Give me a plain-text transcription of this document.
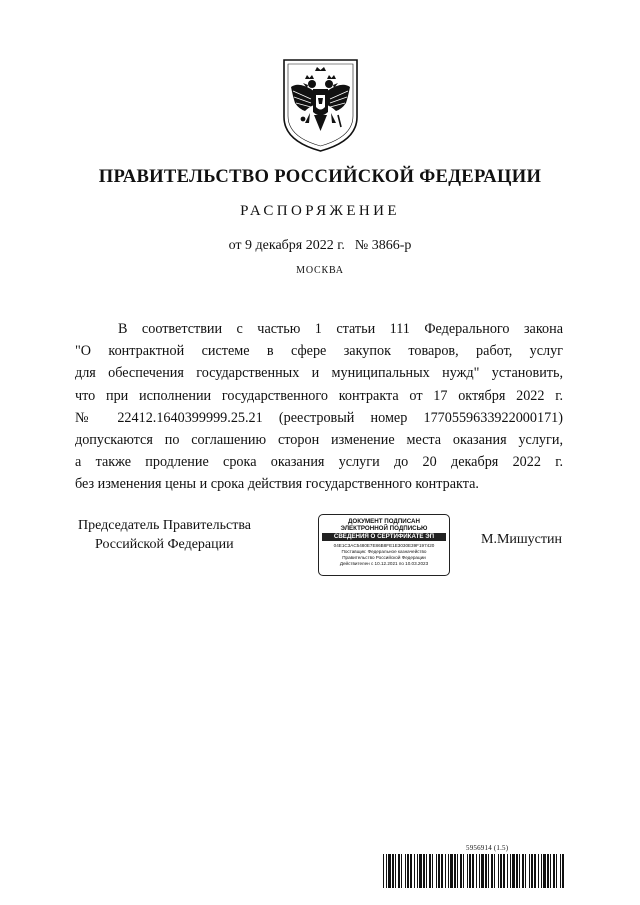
ПРАВИТЕЛЬСТВО РОССИЙСКОЙ ФЕДЕРАЦИИ
РАСПОРЯЖЕНИЕ
от 9 декабря 2022 г. № 3866-р
МОСКВА
В соответствии с частью 1 статьи 111 Федерального закона
"О контрактной системе в сфере закупок товаров, работ, услуг
для обеспечения государственных и муниципальных нужд" установить,
что при исполнении государственного контракта от 17 октября 2022 г.
№ 22412.1640399999.25.21 (реестровый номер 1770559633922000171)
допускаются по соглашению сторон изменение места оказания услуги,
а также продление срока оказания услуги до 20 декабря 2022 г.
без изменения цены и срока действия государственного контракта.
Председатель Правительства
Российской Федерации
ДОКУМЕНТ ПОДПИСАН
ЭЛЕКТРОННОЙ ПОДПИСЬЮ
СВЕДЕНИЯ О СЕРТИФИКАТЕ ЭП
04E1C3AC5480E7E86B8FE1E3030E39F197420
Поставщик: Федеральное казначейство
Правительство Российской Федерации
Действителен с 10.12.2021 по 10.03.2023
М.Мишустин
5956914 (1.5)
